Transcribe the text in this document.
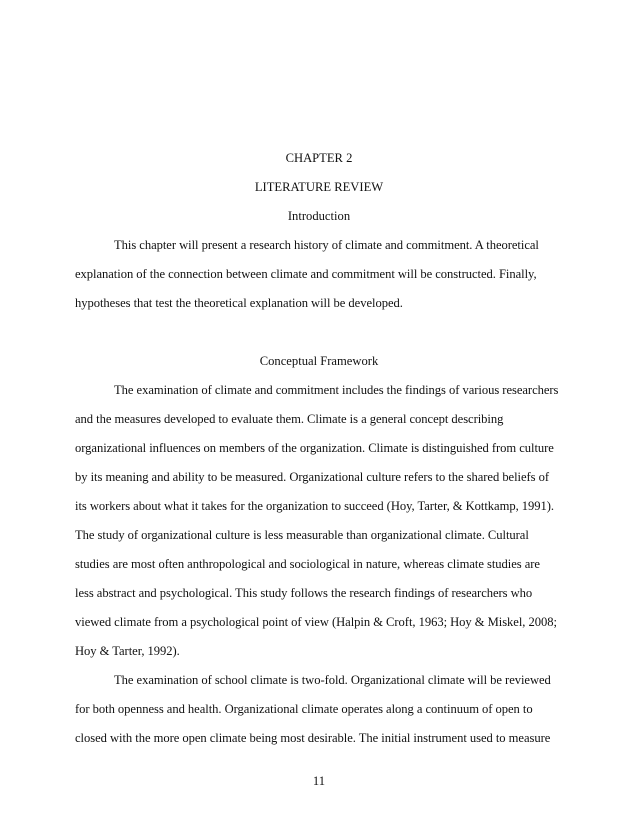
CHAPTER 2
LITERATURE REVIEW
Introduction
This chapter will present a research history of climate and commitment. A theoretical
explanation of the connection between climate and commitment will be constructed. Finally,
hypotheses that test the theoretical explanation will be developed.
Conceptual Framework
The examination of climate and commitment includes the findings of various researchers
and the measures developed to evaluate them. Climate is a general concept describing
organizational influences on members of the organization. Climate is distinguished from culture
by its meaning and ability to be measured. Organizational culture refers to the shared beliefs of
its workers about what it takes for the organization to succeed (Hoy, Tarter, & Kottkamp, 1991).
The study of organizational culture is less measurable than organizational climate. Cultural
studies are most often anthropological and sociological in nature, whereas climate studies are
less abstract and psychological. This study follows the research findings of researchers who
viewed climate from a psychological point of view (Halpin & Croft, 1963; Hoy & Miskel, 2008;
Hoy & Tarter, 1992).
The examination of school climate is two-fold. Organizational climate will be reviewed
for both openness and health. Organizational climate operates along a continuum of open to
closed with the more open climate being most desirable. The initial instrument used to measure
11
